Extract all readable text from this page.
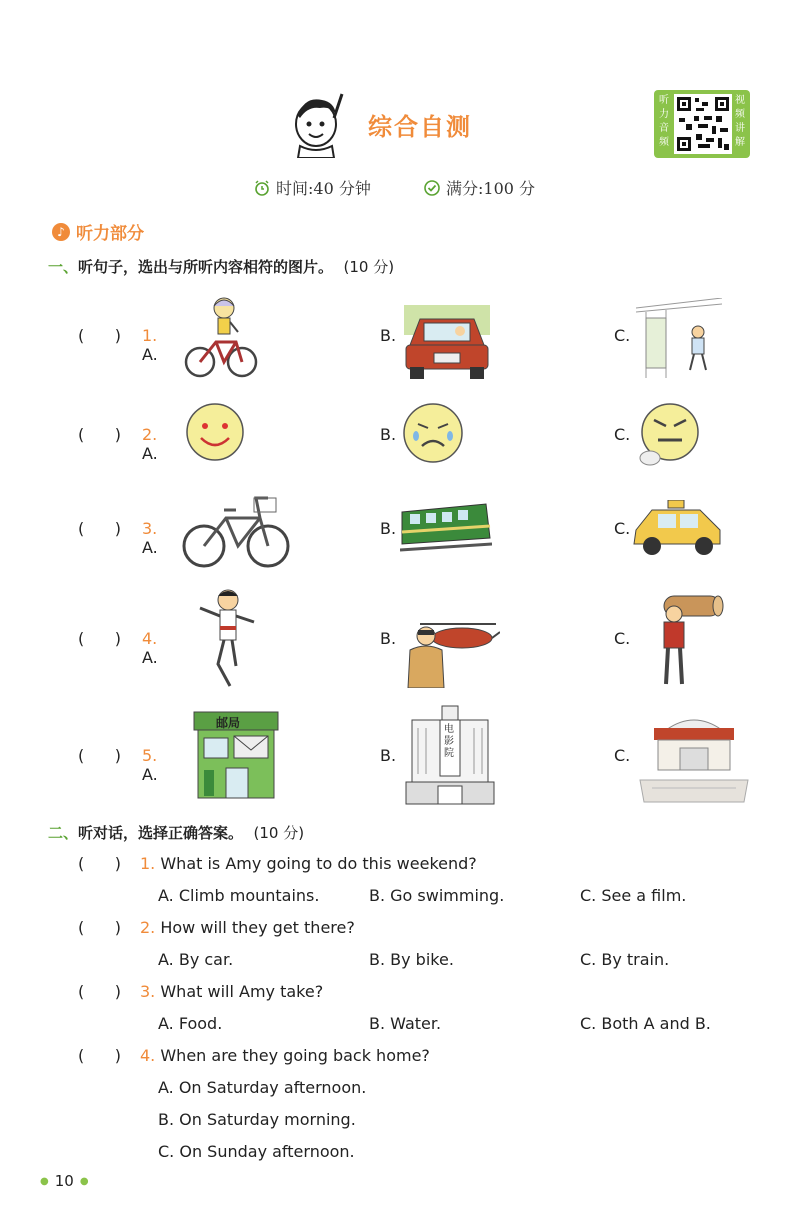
综合自测
听
力
音
频
视
频
讲
解
时间:40 分钟	满分:100 分
♪ 听力部分
一、听句子，选出与所听内容相符的图片。 (10 分)
(      ) 1. A.
B.	C.
(      ) 2. A.
B.	C.
(      ) 3. A.
B.	C.
(      ) 4. A.
B.	C.
(      ) 5. A.
邮局
B.
电影院	C.
二、听对话，选择正确答案。 (10 分)
(      ) 1. What is Amy going to do this weekend?
A. Climb mountains.	B. Go swimming.	C. See a film.
(      ) 2. How will they get there?
A. By car.	B. By bike.	C. By train.
(      ) 3. What will Amy take?
A. Food.	B. Water.	C. Both A and B.
(      ) 4. When are they going back home?
A. On Saturday afternoon.
B. On Saturday morning.
C. On Sunday afternoon.
● 10 ●
